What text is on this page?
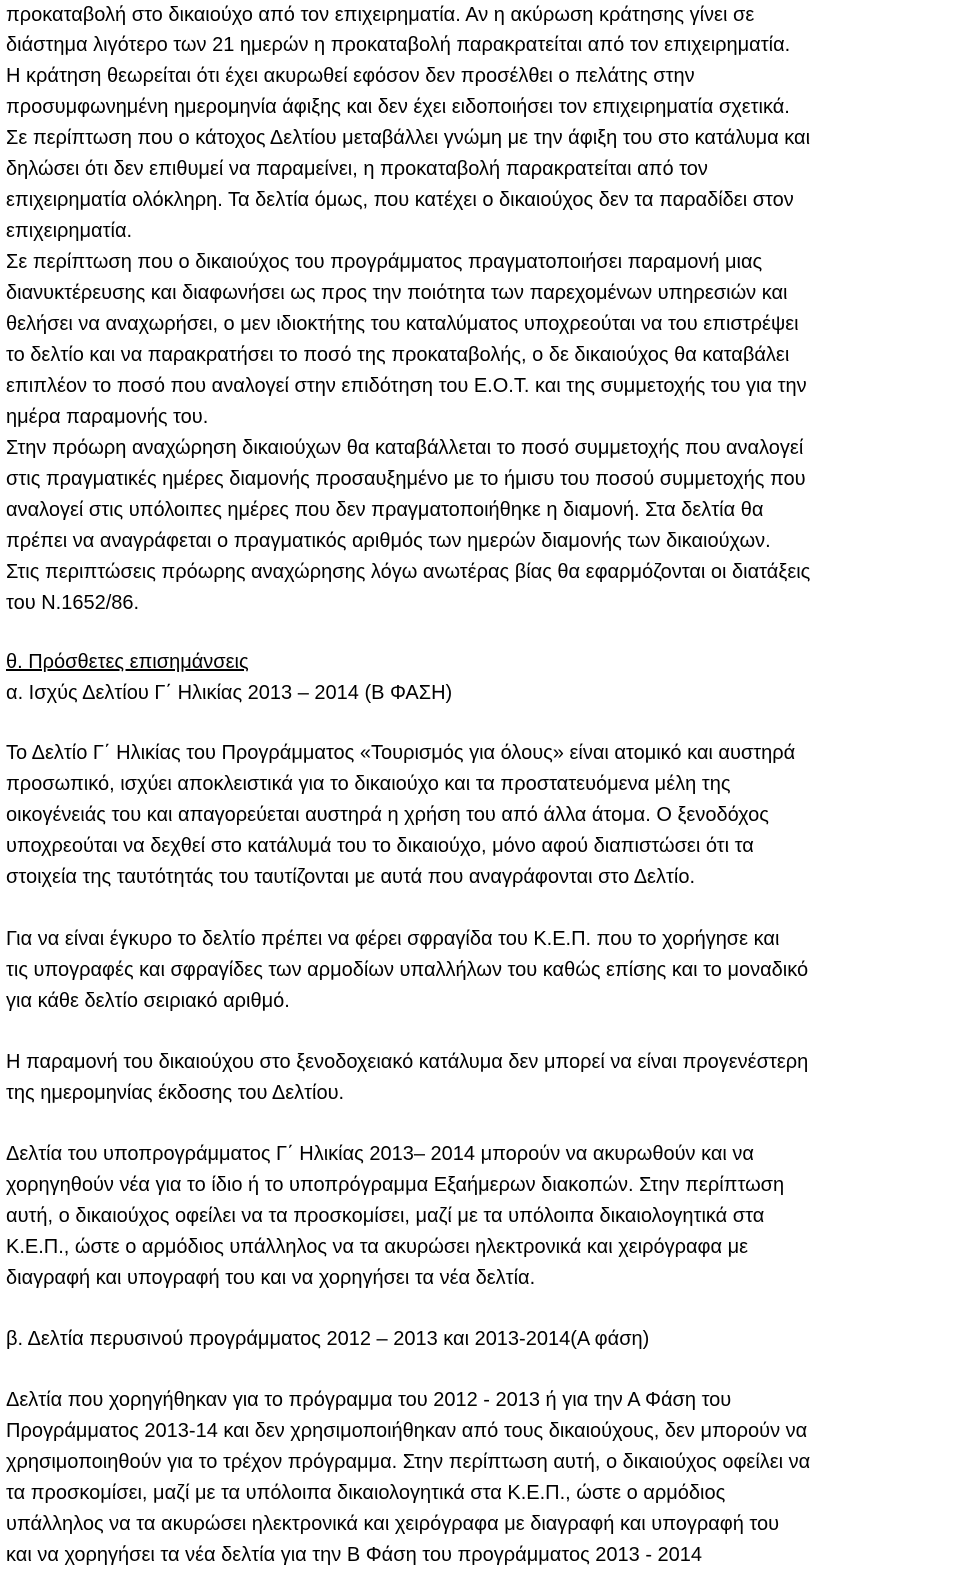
προκαταβολή στο δικαιούχο από τον επιχειρηματία. Αν η ακύρωση κράτησης γίνει σε
διάστημα λιγότερο των 21 ημερών η προκαταβολή παρακρατείται από τον επιχειρηματία.
Η κράτηση θεωρείται ότι έχει ακυρωθεί εφόσον δεν προσέλθει ο πελάτης στην
προσυμφωνημένη ημερομηνία άφιξης και δεν έχει ειδοποιήσει τον επιχειρηματία σχετικά.
Σε περίπτωση που ο κάτοχος Δελτίου μεταβάλλει γνώμη με την άφιξη του στο κατάλυμα και
δηλώσει ότι δεν επιθυμεί να παραμείνει, η προκαταβολή παρακρατείται από τον
επιχειρηματία ολόκληρη. Τα δελτία όμως, που κατέχει ο δικαιούχος δεν τα παραδίδει στον
επιχειρηματία.
Σε περίπτωση που ο δικαιούχος του προγράμματος πραγματοποιήσει παραμονή μιας
διανυκτέρευσης και διαφωνήσει ως προς την ποιότητα των παρεχομένων υπηρεσιών και
θελήσει να αναχωρήσει, ο μεν ιδιοκτήτης του καταλύματος υποχρεούται να του επιστρέψει
το δελτίο και να παρακρατήσει το ποσό της προκαταβολής, ο δε δικαιούχος θα καταβάλει
επιπλέον το ποσό που αναλογεί στην επιδότηση του Ε.Ο.Τ. και της συμμετοχής του για την
ημέρα παραμονής του.
Στην πρόωρη αναχώρηση δικαιούχων θα καταβάλλεται το ποσό συμμετοχής που αναλογεί
στις πραγματικές ημέρες διαμονής προσαυξημένο με το ήμισυ του ποσού συμμετοχής που
αναλογεί στις υπόλοιπες ημέρες που δεν πραγματοποιήθηκε η διαμονή. Στα δελτία θα
πρέπει να αναγράφεται ο πραγματικός αριθμός των ημερών διαμονής των δικαιούχων.
Στις περιπτώσεις πρόωρης αναχώρησης λόγω ανωτέρας βίας θα εφαρμόζονται οι διατάξεις
του Ν.1652/86.
θ. Πρόσθετες επισημάνσεις
α. Ισχύς Δελτίου Γ΄ Ηλικίας 2013 – 2014 (Β ΦΑΣΗ)
Το Δελτίο Γ΄ Ηλικίας του Προγράμματος «Τουρισμός για όλους» είναι ατομικό και αυστηρά
προσωπικό, ισχύει αποκλειστικά για το δικαιούχο και τα προστατευόμενα μέλη της
οικογένειάς του και απαγορεύεται αυστηρά η χρήση του από άλλα άτομα. Ο ξενοδόχος
υποχρεούται να δεχθεί στο κατάλυμά του το δικαιούχο, μόνο αφού διαπιστώσει ότι τα
στοιχεία της ταυτότητάς του ταυτίζονται με αυτά που αναγράφονται στο Δελτίο.
Για να είναι έγκυρο το δελτίο πρέπει να φέρει σφραγίδα του Κ.Ε.Π. που το χορήγησε και
τις υπογραφές και σφραγίδες των αρμοδίων υπαλλήλων του καθώς επίσης και το μοναδικό
για κάθε δελτίο σειριακό αριθμό.
Η παραμονή του δικαιούχου στο ξενοδοχειακό κατάλυμα δεν μπορεί να είναι προγενέστερη
της ημερομηνίας έκδοσης του Δελτίου.
Δελτία του υποπρογράμματος Γ΄ Ηλικίας 2013– 2014 μπορούν να ακυρωθούν και να
χορηγηθούν νέα για το ίδιο ή το υποπρόγραμμα Εξαήμερων διακοπών. Στην περίπτωση
αυτή, ο δικαιούχος οφείλει να τα προσκομίσει, μαζί με τα υπόλοιπα δικαιολογητικά στα
Κ.Ε.Π., ώστε ο αρμόδιος υπάλληλος να τα ακυρώσει ηλεκτρονικά και χειρόγραφα με
διαγραφή και υπογραφή του και να χορηγήσει τα νέα δελτία.
β. Δελτία περυσινού προγράμματος 2012 – 2013 και 2013-2014(Α φάση)
Δελτία που χορηγήθηκαν για το πρόγραμμα του 2012 - 2013 ή για την Α Φάση του
Προγράμματος 2013-14 και δεν χρησιμοποιήθηκαν από τους δικαιούχους, δεν μπορούν να
χρησιμοποιηθούν για το τρέχον πρόγραμμα. Στην περίπτωση αυτή, ο δικαιούχος οφείλει να
τα προσκομίσει, μαζί με τα υπόλοιπα δικαιολογητικά στα Κ.Ε.Π., ώστε ο αρμόδιος
υπάλληλος να τα ακυρώσει ηλεκτρονικά και χειρόγραφα με διαγραφή και υπογραφή του
και να χορηγήσει τα νέα δελτία για την Β Φάση του προγράμματος 2013 - 2014
